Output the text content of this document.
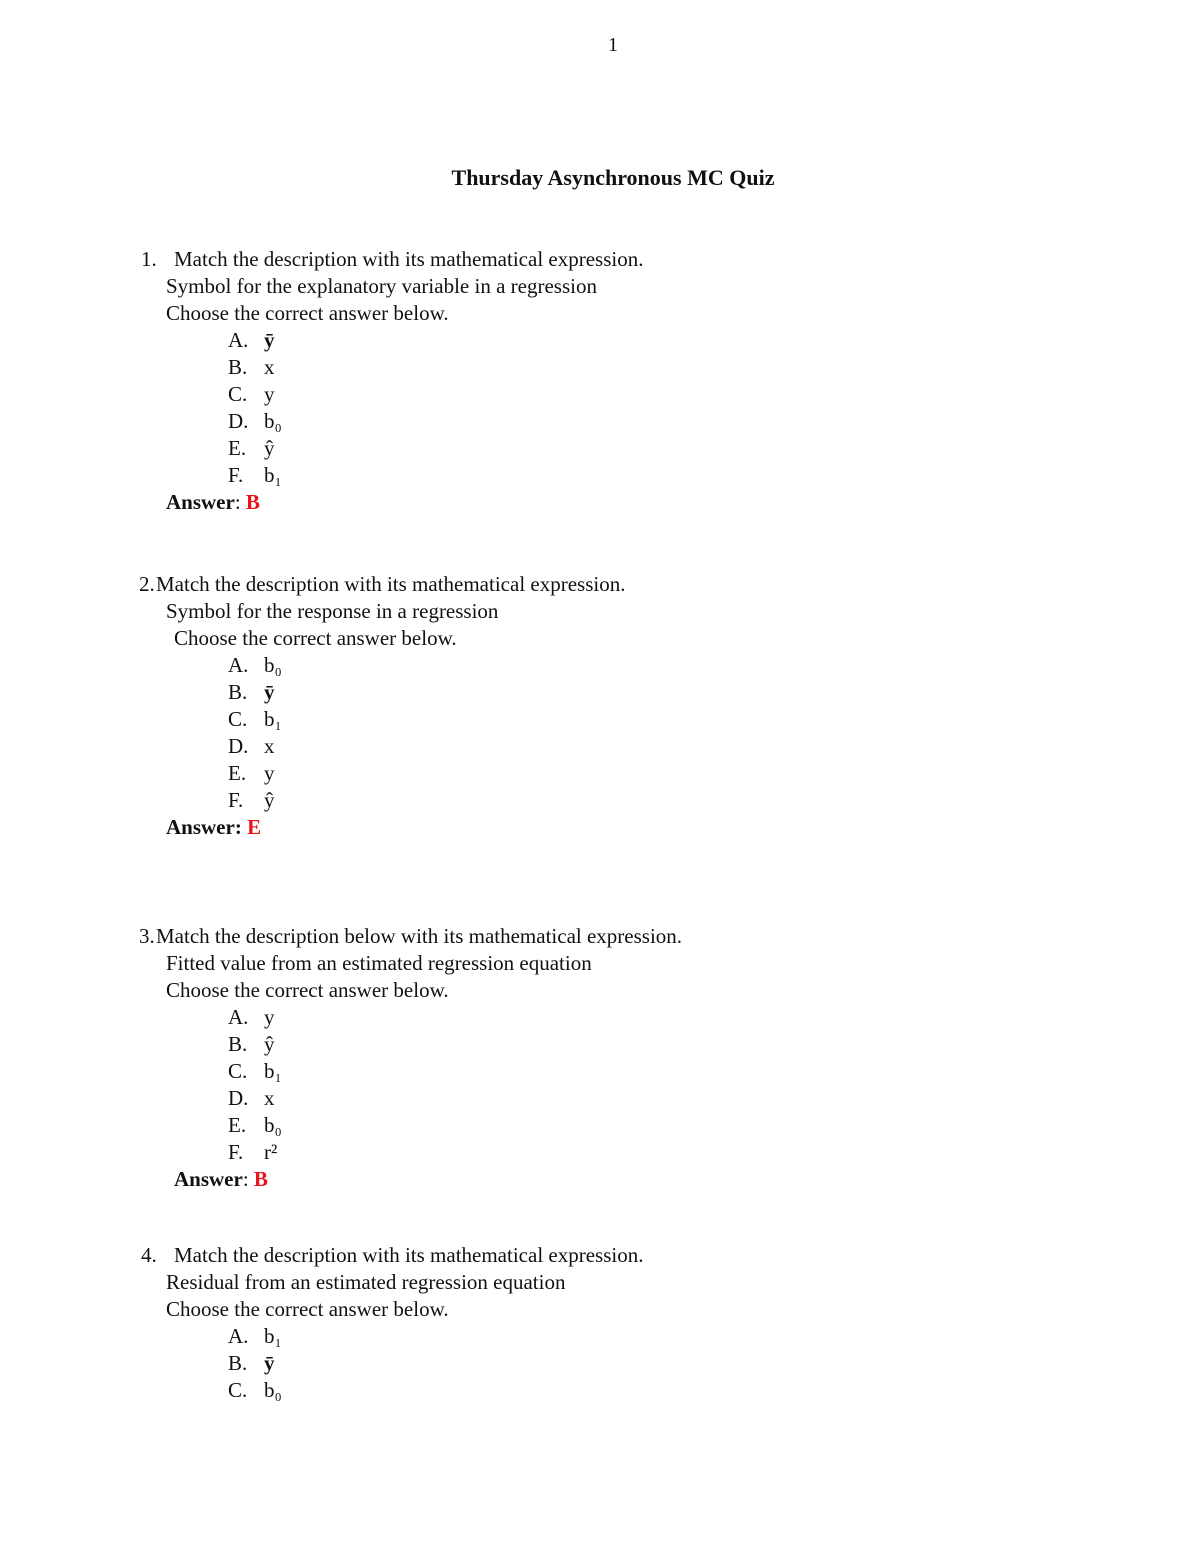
1
Thursday Asynchronous MC Quiz
1. Match the description with its mathematical expression.
Symbol for the explanatory variable in a regression
Choose the correct answer below.
A. ȳ
B. x
C. y
D. b₀
E. ŷ
F. b₁
Answer: B
2. Match the description with its mathematical expression.
Symbol for the response in a regression
Choose the correct answer below.
A. b₀
B. ȳ
C. b₁
D. x
E. y
F. ŷ
Answer: E
3. Match the description below with its mathematical expression.
Fitted value from an estimated regression equation
Choose the correct answer below.
A. y
B. ŷ
C. b₁
D. x
E. b₀
F. r²
Answer: B
4. Match the description with its mathematical expression.
Residual from an estimated regression equation
Choose the correct answer below.
A. b₁
B. ȳ
C. b₀
